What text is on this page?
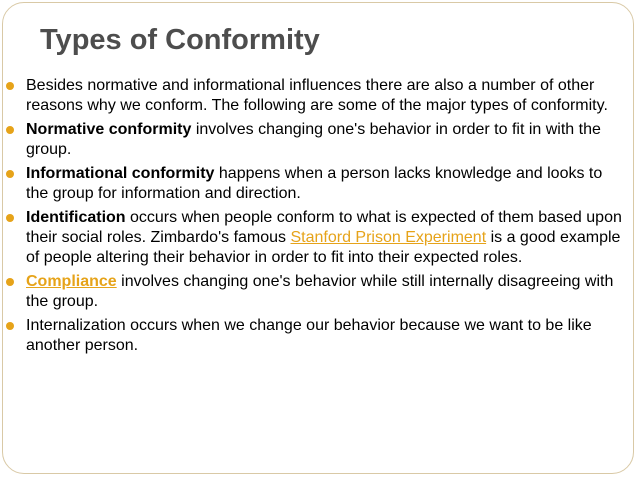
Types of Conformity
Besides normative and informational influences there are also a number of other reasons why we conform. The following are some of the major types of conformity.
Normative conformity involves changing one's behavior in order to fit in with the group.
Informational conformity happens when a person lacks knowledge and looks to the group for information and direction.
Identification occurs when people conform to what is expected of them based upon their social roles. Zimbardo's famous Stanford Prison Experiment is a good example of people altering their behavior in order to fit into their expected roles.
Compliance involves changing one's behavior while still internally disagreeing with the group.
Internalization occurs when we change our behavior because we want to be like another person.
